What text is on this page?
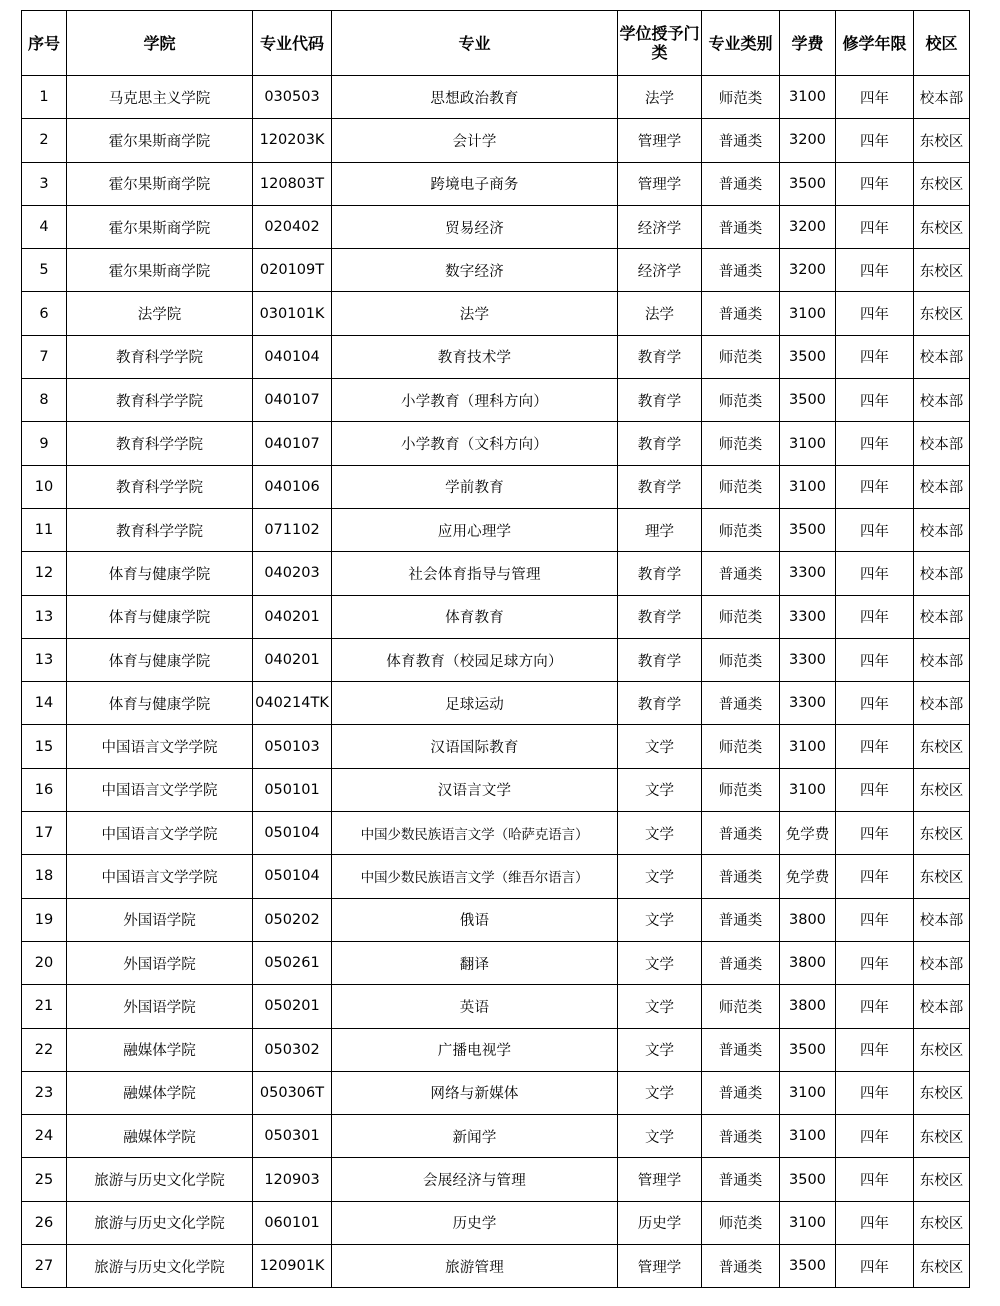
序号	学院	专业代码	专业	学位授予门类	专业类别	学费	修学年限	校区
1	马克思主义学院	030503	思想政治教育	法学	师范类	3100	四年	校本部
2	霍尔果斯商学院	120203K	会计学	管理学	普通类	3200	四年	东校区
3	霍尔果斯商学院	120803T	跨境电子商务	管理学	普通类	3500	四年	东校区
4	霍尔果斯商学院	020402	贸易经济	经济学	普通类	3200	四年	东校区
5	霍尔果斯商学院	020109T	数字经济	经济学	普通类	3200	四年	东校区
6	法学院	030101K	法学	法学	普通类	3100	四年	东校区
7	教育科学学院	040104	教育技术学	教育学	师范类	3500	四年	校本部
8	教育科学学院	040107	小学教育（理科方向）	教育学	师范类	3500	四年	校本部
9	教育科学学院	040107	小学教育（文科方向）	教育学	师范类	3100	四年	校本部
10	教育科学学院	040106	学前教育	教育学	师范类	3100	四年	校本部
11	教育科学学院	071102	应用心理学	理学	师范类	3500	四年	校本部
12	体育与健康学院	040203	社会体育指导与管理	教育学	普通类	3300	四年	校本部
13	体育与健康学院	040201	体育教育	教育学	师范类	3300	四年	校本部
13	体育与健康学院	040201	体育教育（校园足球方向）	教育学	师范类	3300	四年	校本部
14	体育与健康学院	040214TK	足球运动	教育学	普通类	3300	四年	校本部
15	中国语言文学学院	050103	汉语国际教育	文学	师范类	3100	四年	东校区
16	中国语言文学学院	050101	汉语言文学	文学	师范类	3100	四年	东校区
17	中国语言文学学院	050104	中国少数民族语言文学（哈萨克语言）	文学	普通类	免学费	四年	东校区
18	中国语言文学学院	050104	中国少数民族语言文学（维吾尔语言）	文学	普通类	免学费	四年	东校区
19	外国语学院	050202	俄语	文学	普通类	3800	四年	校本部
20	外国语学院	050261	翻译	文学	普通类	3800	四年	校本部
21	外国语学院	050201	英语	文学	师范类	3800	四年	校本部
22	融媒体学院	050302	广播电视学	文学	普通类	3500	四年	东校区
23	融媒体学院	050306T	网络与新媒体	文学	普通类	3100	四年	东校区
24	融媒体学院	050301	新闻学	文学	普通类	3100	四年	东校区
25	旅游与历史文化学院	120903	会展经济与管理	管理学	普通类	3500	四年	东校区
26	旅游与历史文化学院	060101	历史学	历史学	师范类	3100	四年	东校区
27	旅游与历史文化学院	120901K	旅游管理	管理学	普通类	3500	四年	东校区
